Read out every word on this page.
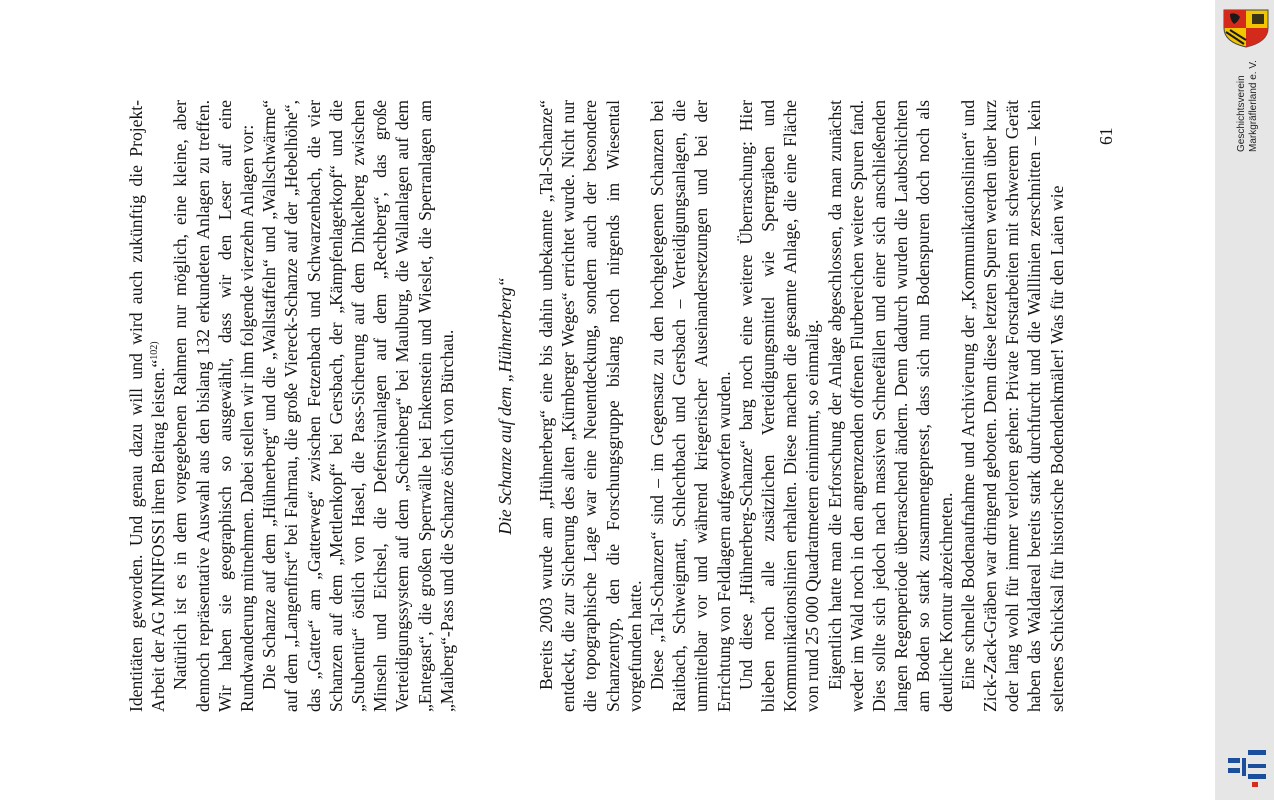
Identitäten geworden. Und genau dazu will und wird auch zukünftig die Projekt-Arbeit der AG MINIFOSSI ihren Beitrag leisten.“$^{102)}$ Natürlich ist es in dem vorgegebenen Rahmen nur möglich, eine kleine, aber dennoch repräsentative Auswahl aus den bislang 132 erkundeten Anlagen zu treffen. Wir haben sie geographisch so ausgewählt, dass wir den Leser auf eine Rundwanderung mitnehmen. Dabei stellen wir ihm folgende vierzehn Anlagen vor: Die Schanze auf dem „Hühnerberg“ und die „Wallstaffeln“ und „Wallschwärme“ auf dem „Langenfirst“ bei Fahrnau, die große Viereck-Schanze auf der „Hebelhöhe“, das „Gatter“ am „Gatterweg“ zwischen Fetzenbach und Schwarzenbach, die vier Schanzen auf dem „Mettlenkopf“ bei Gersbach, der „Kämpfenlagerkopf“ und die „Stubentür“ östlich von Hasel, die Pass-Sicherung auf dem Dinkelberg zwischen Minseln und Eichsel, die Defensivanlagen auf dem „Rechberg“, das große Verteidigungssystem auf dem „Scheinberg“ bei Maulburg, die Wallanlagen auf dem „Entegast“, die großen Sperrwälle bei Enkenstein und Wieslet, die Sperranlagen am „Maiberg“-Pass und die Schanze östlich von Bürchau. Die Schanze auf dem „Hühnerberg“ Bereits 2003 wurde am „Hühnerberg“ eine bis dahin unbekannte „Tal-Schanze“ entdeckt, die zur Sicherung des alten „Kürnberger Weges“ errichtet wurde. Nicht nur die topographische Lage war eine Neuentdeckung, sondern auch der besondere Schanzentyp, den die Forschungsgruppe bislang noch nirgends im Wiesental vorgefunden hatte. Diese „Tal-Schanzen“ sind – im Gegensatz zu den hochgelegenen Schanzen bei Raitbach, Schweigmatt, Schlechtbach und Gersbach – Verteidigungsanlagen, die unmittelbar vor und während kriegerischer Auseinandersetzungen und bei der Errichtung von Feldlagern aufgeworfen wurden. Und diese „Hühnerberg-Schanze“ barg noch eine weitere Überraschung: Hier blieben noch alle zusätzlichen Verteidigungsmittel wie Sperrgräben und Kommunikationslinien erhalten. Diese machen die gesamte Anlage, die eine Fläche von rund 25 000 Quadratmetern einnimmt, so einmalig. Eigentlich hatte man die Erforschung der Anlage abgeschlossen, da man zunächst weder im Wald noch in den angrenzenden offenen Flurbereichen weitere Spuren fand. Dies sollte sich jedoch nach massiven Schneefällen und einer sich anschließenden langen Regenperiode überraschend ändern. Denn dadurch wurden die Laubschichten am Boden so stark zusammengepresst, dass sich nun Bodenspuren doch noch als deutliche Kontur abzeichneten. Eine schnelle Bodenaufnahme und Archivierung der „Kommunikationslinien“ und Zick-Zack-Gräben war dringend geboten. Denn diese letzten Spuren werden über kurz oder lang wohl für immer verloren gehen: Private Forstarbeiten mit schwerem Gerät haben das Waldareal bereits stark durchfurcht und die Walllinien zerschnitten – kein seltenes Schicksal für historische Bodendenkmäler! Was für den Laien wie

61	Geschichtsverein Markgräflerland e. V.
